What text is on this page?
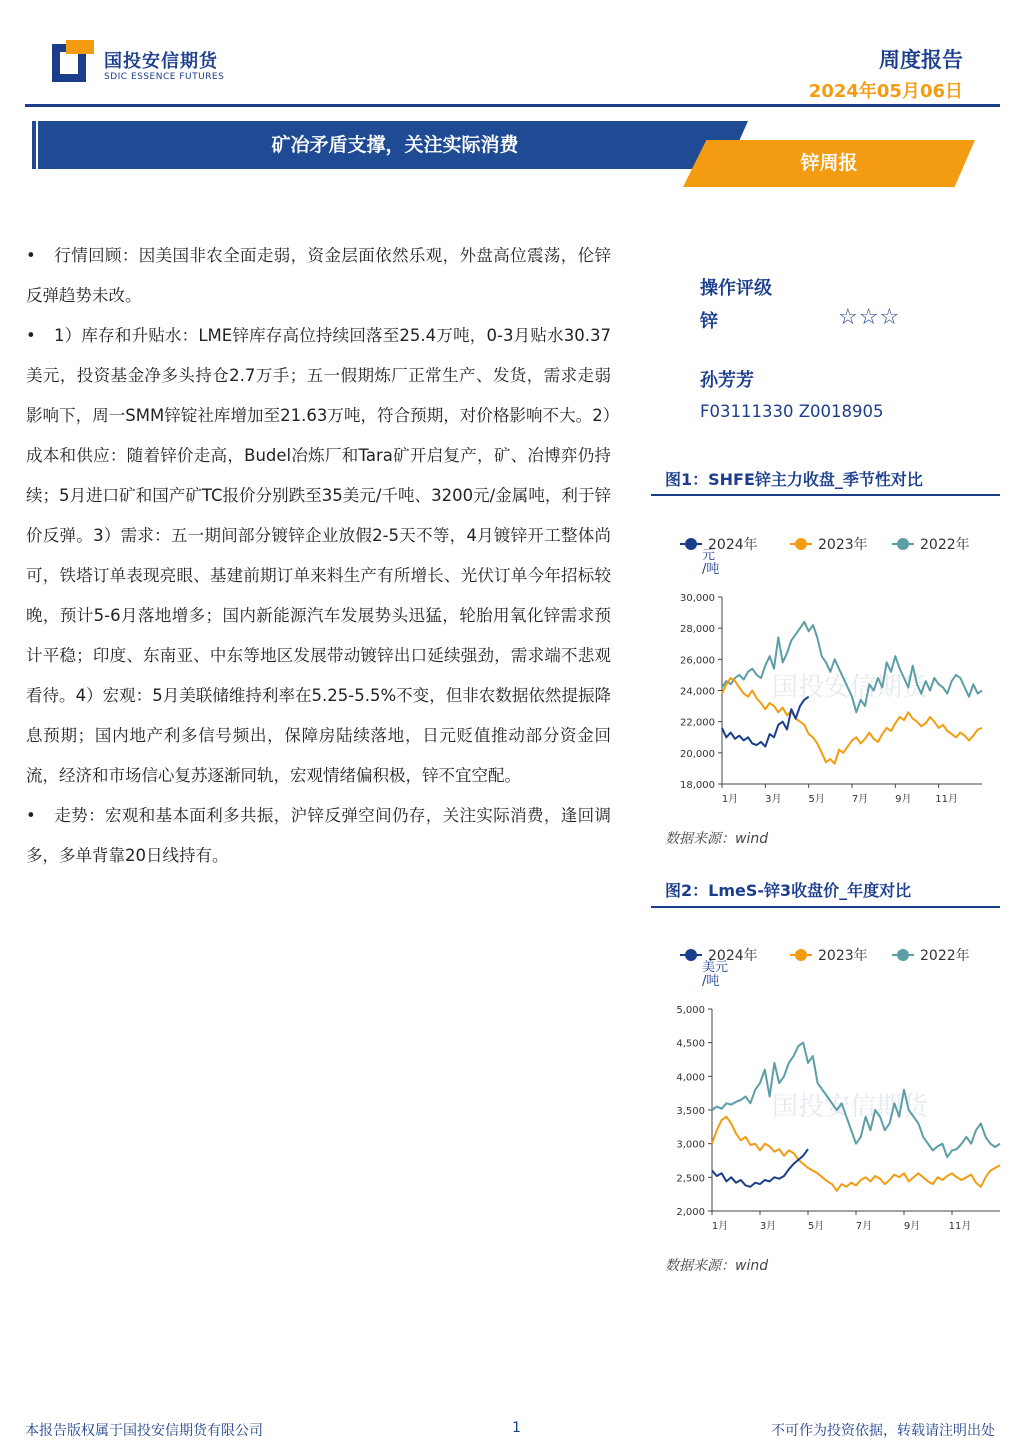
国投安信期货
SDIC ESSENCE FUTURES
周度报告
2024年05月06日
矿冶矛盾支撑，关注实际消费
锌周报

• 行情回顾：因美国非农全面走弱，资金层面依然乐观，外盘高位震荡，伦锌反弹趋势未改。

• 1）库存和升贴水：LME锌库存高位持续回落至25.4万吨，0-3月贴水30.37美元，投资基金净多头持仓2.7万手；五一假期炼厂正常生产、发货，需求走弱影响下，周一SMM锌锭社库增加至21.63万吨，符合预期，对价格影响不大。2）成本和供应：随着锌价走高，Budel冶炼厂和Tara矿开启复产，矿、冶博弈仍持续；5月进口矿和国产矿TC报价分别跌至35美元/千吨、3200元/金属吨，利于锌价反弹。3）需求：五一期间部分镀锌企业放假2-5天不等，4月镀锌开工整体尚可，铁塔订单表现亮眼、基建前期订单来料生产有所增长、光伏订单今年招标较晚，预计5-6月落地增多；国内新能源汽车发展势头迅猛，轮胎用氧化锌需求预计平稳；印度、东南亚、中东等地区发展带动镀锌出口延续强劲，需求端不悲观看待。4）宏观：5月美联储维持利率在5.25-5.5%不变，但非农数据依然提振降息预期；国内地产利多信号频出，保障房陆续落地，日元贬值推动部分资金回流，经济和市场信心复苏逐渐同轨，宏观情绪偏积极，锌不宜空配。

• 走势：宏观和基本面利多共振，沪锌反弹空间仍存，关注实际消费，逢回调多，多单背靠20日线持有。

操作评级
锌	☆☆☆
孙芳芳
F03111330 Z0018905
图1：SHFE锌主力收盘_季节性对比
2024年	2023年	2022年
元
/吨
国投安信期货
30,000
28,000
26,000
24,000
22,000
20,000
18,000
1月	3月	5月	7月	9月 11月
数据来源：wind
图2：LmeS-锌3收盘价_年度对比
2024年	2023年	2022年
美元
/吨
国投安信期货
5,000
4,500
4,000
3,500
3,000
2,500
2,000
1月	3月	5月	7月	9月	11月
数据来源：wind
本报告版权属于国投安信期货有限公司	1	不可作为投资依据，转载请注明出处
